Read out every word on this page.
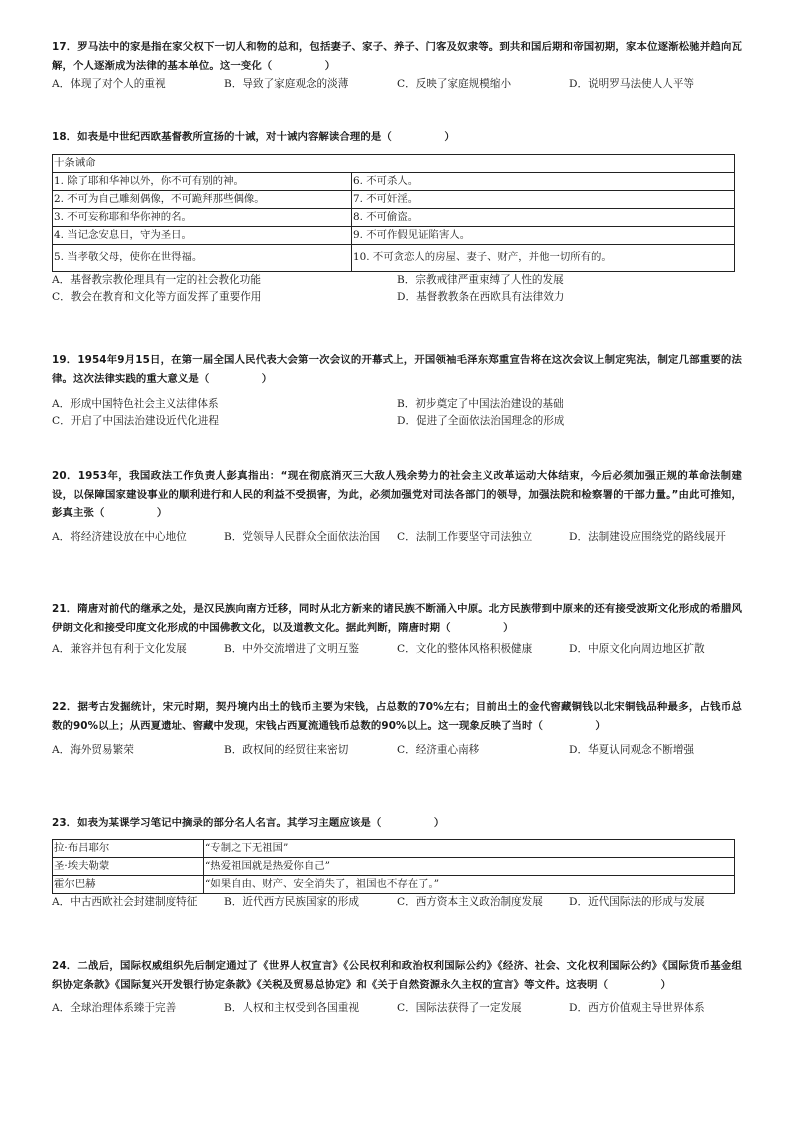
17．罗马法中的家是指在家父权下一切人和物的总和，包括妻子、家子、养子、门客及奴隶等。到共和国后期和帝国初期，家本位逐渐松驰并趋向瓦解，个人逐渐成为法律的基本单位。这一变化（　　　　　）

A．体现了对个人的重视	B．导致了家庭观念的淡薄	C．反映了家庭规模缩小	D．说明罗马法使人人平等

18．如表是中世纪西欧基督教所宣扬的十诫，对十诫内容解读合理的是（　　　　　）

十条诫命	
1. 除了耶和华神以外，你不可有别的神。	6. 不可杀人。
2. 不可为自己雕刻偶像，不可跪拜那些偶像。	7. 不可奸淫。
3. 不可妄称耶和华你神的名。	8. 不可偷盗。
4. 当记念安息日，守为圣日。	9. 不可作假见证陷害人。
5. 当孝敬父母，使你在世得福。	10. 不可贪恋人的房屋、妻子、财产，并他一切所有的。
A．基督教宗教伦理具有一定的社会教化功能	B．宗教戒律严重束缚了人性的发展
C．教会在教育和文化等方面发挥了重要作用	D．基督教教条在西欧具有法律效力

19．1954年9月15日，在第一届全国人民代表大会第一次会议的开幕式上，开国领袖毛泽东郑重宣告将在这次会议上制定宪法，制定几部重要的法律。这次法律实践的重大意义是（　　　　　）

A．形成中国特色社会主义法律体系	B．初步奠定了中国法治建设的基础
C．开启了中国法治建设近代化进程	D．促进了全面依法治国理念的形成

20．1953年，我国政法工作负责人彭真指出：“现在彻底消灭三大敌人残余势力的社会主义改革运动大体结束，今后必须加强正规的革命法制建设，以保障国家建设事业的顺利进行和人民的利益不受损害，为此，必须加强党对司法各部门的领导，加强法院和检察署的干部力量。”由此可推知，彭真主张（　　　　　）

A．将经济建设放在中心地位	B．党领导人民群众全面依法治国	C．法制工作要坚守司法独立	D．法制建设应围绕党的路线展开

21．隋唐对前代的继承之处，是汉民族向南方迁移，同时从北方新来的诸民族不断涌入中原。北方民族带到中原来的还有接受波斯文化形成的希腊风伊朗文化和接受印度文化形成的中国佛教文化，以及道教文化。据此判断，隋唐时期（　　　　　）

A．兼容并包有利于文化发展	B．中外交流增进了文明互鉴	C．文化的整体风格积极健康	D．中原文化向周边地区扩散

22．据考古发掘统计，宋元时期，契丹境内出土的钱币主要为宋钱，占总数的70%左右；目前出土的金代窖藏铜钱以北宋铜钱品种最多，占钱币总数的90%以上；从西夏遗址、窖藏中发现，宋钱占西夏流通钱币总数的90%以上。这一现象反映了当时（　　　　　）

A．海外贸易繁荣	B．政权间的经贸往来密切	C．经济重心南移	D．华夏认同观念不断增强

23．如表为某课学习笔记中摘录的部分名人名言。其学习主题应该是（　　　　　）

拉·布吕耶尔	“专制之下无祖国”
圣·埃夫勒蒙	“热爱祖国就是热爱你自己”
霍尔巴赫	“如果自由、财产、安全消失了，祖国也不存在了。”
A．中古西欧社会封建制度特征	B．近代西方民族国家的形成	C．西方资本主义政治制度发展 D．近代国际法的形成与发展

24．二战后，国际权威组织先后制定通过了《世界人权宣言》《公民权利和政治权利国际公约》《经济、社会、文化权利国际公约》《国际货币基金组织协定条款》《国际复兴开发银行协定条款》《关税及贸易总协定》和《关于自然资源永久主权的宣言》等文件。这表明（　　　　　）

A．全球治理体系臻于完善	B．人权和主权受到各国重视	C．国际法获得了一定发展	D．西方价值观主导世界体系
